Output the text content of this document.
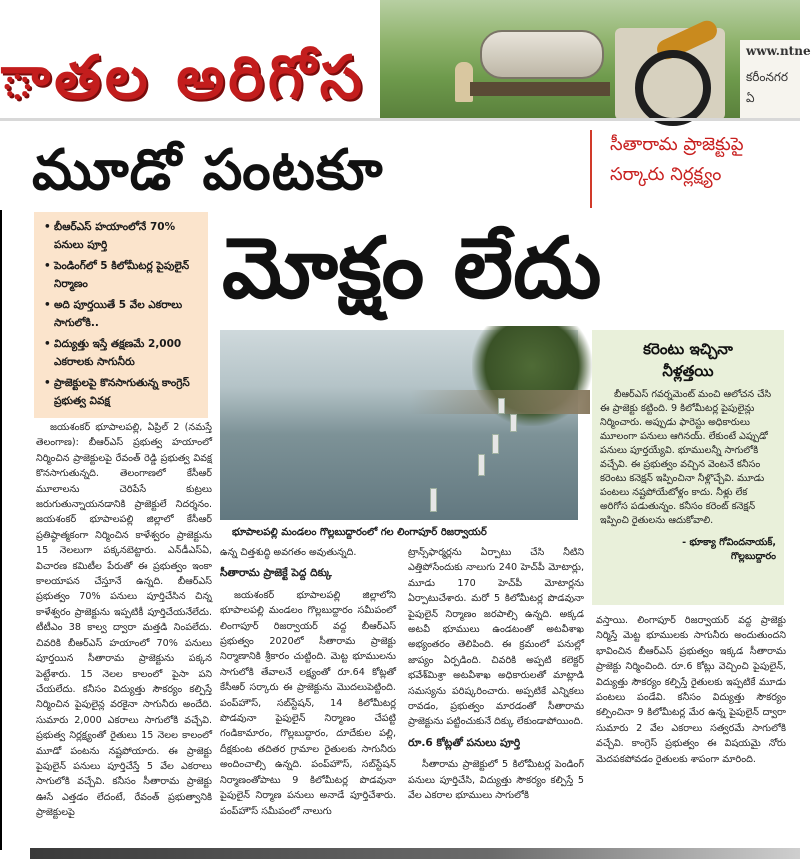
www.ntne
కరీంనగర
ఏ
ాతల అరిగోస
మూడో పంటకూ
మోక్షం లేదు
సీతారామ ప్రాజెక్టుపై
సర్కారు నిర్లక్ష్యం
• బీఆర్ఎస్ హయాంలోనే 70% పనులు పూర్తి
• పెండింగ్‌లో 5 కిలోమీటర్ల పైపులైన్ నిర్మాణం
• అది పూర్తయితే 5 వేల ఎకరాలు సాగులోకి..
• విద్యుత్తు ఇస్తే తక్షణమే 2,000 ఎకరాలకు సాగునీరు
• ప్రాజెక్టులపై కొనసాగుతున్న కాంగ్రెస్ ప్రభుత్వ వివక్ష
భూపాలపల్లి మండలం గొల్లబుద్దారంలో గల లింగాపూర్ రిజర్వాయర్
కరెంటు ఇచ్చినా
నీళ్లత్తయి

బీఆర్ఎస్ గవర్నమెంట్ మంచి ఆలోచన చేసి ఈ ప్రాజెక్టు కట్టింది. 9 కిలోమీటర్ల పైపులైన్లు నిర్మించారు. అప్పుడు ఫారెస్టు అధికారులు మూలంగా పనులు ఆగినయ్. లేకుంటే ఎప్పుడో పనులు పూర్తయ్యేవి. భూములన్నీ సాగులోకి వచ్చేవి. ఈ ప్రభుత్వం వచ్చిన వెంటనే కనీసం కరెంటు కనెక్షన్ ఇప్పించినా నీళ్లొచ్చేవి. మూడు పంటలు నష్టపోయేటోళ్లం కాదు. నీళ్లు లేక అరిగోస పడుతున్నం. కనీసం కరెంట్ కనెక్షన్ ఇప్పించి రైతులను ఆదుకోవాలి.

- భూక్యా గోవిందనాయక్,
గొల్లబుద్దారం

జయశంకర్ భూపాలపల్లి, ఏప్రిల్ 2 (నమస్తే తెలంగాణ): బీఆర్ఎస్ ప్రభుత్వ హయాంలో నిర్మించిన ప్రాజెక్టులపై రేవంత్ రెడ్డి ప్రభుత్వ వివక్ష కొనసాగుతున్నది. తెలంగాణలో కేసీఆర్ మూలాలను చెరిపేసే కుట్రలు జరుగుతున్నాయనడానికి ప్రాజెక్టులే నిదర్శనం. జయశంకర్ భూపాలపల్లి జిల్లాలో కేసీఆర్ ప్రతిష్ఠాత్మకంగా నిర్మించిన కాళేశ్వరం ప్రాజెక్టును 15 నెలలుగా పక్కనబెట్టారు. ఎన్‌డీఎస్ఏ, విచారణ కమిటీల పేరుతో ఈ ప్రభుత్వం ఇంకా కాలయాపన చేస్తూనే ఉన్నది. బీఆర్ఎస్ ప్రభుత్వం 70% పనులు పూర్తిచేసిన చిన్న కాళేశ్వరం ప్రాజెక్టును ఇప్పటికీ పూర్తిచేయనేలేదు. టీటీఎం 38 కాల్వ ద్వారా మత్తడి నింపలేదు. చివరికి బీఆర్ఎస్ హయాంలో 70% పనులు పూర్తయిన సీతారామ ప్రాజెక్టును పక్కన పెట్టేశారు. 15 నెలల కాలంలో పైసా పని చేయలేదు. కనీసం విద్యుత్తు సౌకర్యం కల్పిస్తే నిర్మించిన పైపులైన్ల వరకైనా సాగునీరు అందేది. సుమారు 2,000 ఎకరాలు సాగులోకి వచ్చేవి. ప్రభుత్వ నిర్లక్ష్యంతో రైతులు 15 నెలల కాలంలో మూడో పంటను నష్టపోయారు. ఈ ప్రాజెక్టు పైపులైన్ పనులు పూర్తిచేస్తే 5 వేల ఎకరాలు సాగులోకి వచ్చేవి. కనీసం సీతారామ ప్రాజెక్టు ఊసే ఎత్తడం లేదంటే, రేవంత్ ప్రభుత్వానికి ప్రాజెక్టులపై

ఉన్న చిత్తశుద్ధి అవగతం అవుతున్నది.

సీతారామ ప్రాజెక్టే పెద్ద దిక్కు

జయశంకర్ భూపాలపల్లి జిల్లాలోని భూపాలపల్లి మండలం గొల్లబుద్దారం సమీపంలో లింగాపూర్ రిజర్వాయర్ వద్ద బీఆర్ఎస్ ప్రభుత్వం 2020లో సీతారామ ప్రాజెక్టు నిర్మాణానికి శ్రీకారం చుట్టింది. మెట్ట భూములను సాగులోకి తేవాలనే లక్ష్యంతో రూ.64 కోట్లతో కేసీఆర్ సర్కారు ఈ ప్రాజెక్టును మొదలుపెట్టింది. పంప్‌హౌస్, సబ్‌స్టేషన్, 14 కిలోమీటర్ల పొడవునా పైపులైన్ నిర్మాణం చేపట్టి గండికామారం, గొల్లబుద్దారం, దూదేకుల పల్లి, దీక్షకుంట తదితర గ్రామాల రైతులకు సాగునీరు అందించాల్సి ఉన్నది. పంప్‌హౌస్, సబ్‌స్టేషన్ నిర్మాణంతోపాటు 9 కిలోమీటర్ల పొడవునా పైపులైన్ నిర్మాణ పనులు అనాడే పూర్తిచేశారు. పంప్‌హౌస్ సమీపంలో నాలుగు

ట్రాన్స్‌ఫార్మర్లను ఏర్పాటు చేసి నీటిని ఎత్తిపోసేందుకు నాలుగు 240 హెచ్‌పీ మోటార్లు, మూడు 170 హెచ్‌పీ మోటార్లను ఏర్పాటుచేశారు. మరో 5 కిలోమీటర్ల పొడవునా పైపులైన్ నిర్మాణం జరపాల్సి ఉన్నది. అక్కడ అటవీ భూములు ఉండటంతో అటవీశాఖ అభ్యంతరం తెలిపింది. ఈ క్రమంలో పనుల్లో జాప్యం ఏర్పడింది. చివరికి అప్పటి కలెక్టర్ భవేశ్‌మిశ్రా అటవీశాఖ అధికారులతో మాట్లాడి సమస్యను పరిష్కరించారు. అప్పటికే ఎన్నికలు రావడం, ప్రభుత్వం మారడంతో సీతారామ ప్రాజెక్టును పట్టించుకునే దిక్కు లేకుండాపోయింది.

రూ.6 కోట్లతో పనులు పూర్తి

సీతారామ ప్రాజెక్టులో 5 కిలోమీటర్ల పెండింగ్ పనులు పూర్తిచేసి, విద్యుత్తు సౌకర్యం కల్పిస్తే 5 వేల ఎకరాల భూములు సాగులోకి

వస్తాయి. లింగాపూర్ రిజర్వాయర్ వద్ద ప్రాజెక్టు నిర్మిస్తే మెట్ట భూములకు సాగునీరు అందుతుందని భావించిన బీఆర్ఎస్ ప్రభుత్వం ఇక్కడ సీతారామ ప్రాజెక్టు నిర్మించింది. రూ.6 కోట్లు వెచ్చించి పైపులైన్, విద్యుత్తు సౌకర్యం కల్పిస్తే రైతులకు ఇప్పటికే మూడు పంటలు పండేవి. కనీసం విద్యుత్తు సౌకర్యం కల్పించినా 9 కిలోమీటర్ల మేర ఉన్న పైపులైన్ ద్వారా సుమారు 2 వేల ఎకరాలు సత్వరమే సాగులోకి వచ్చేవి. కాంగ్రెస్ ప్రభుత్వం ఈ విషయమై నోరు మెదపకపోవడం రైతులకు శాపంగా మారింది.
